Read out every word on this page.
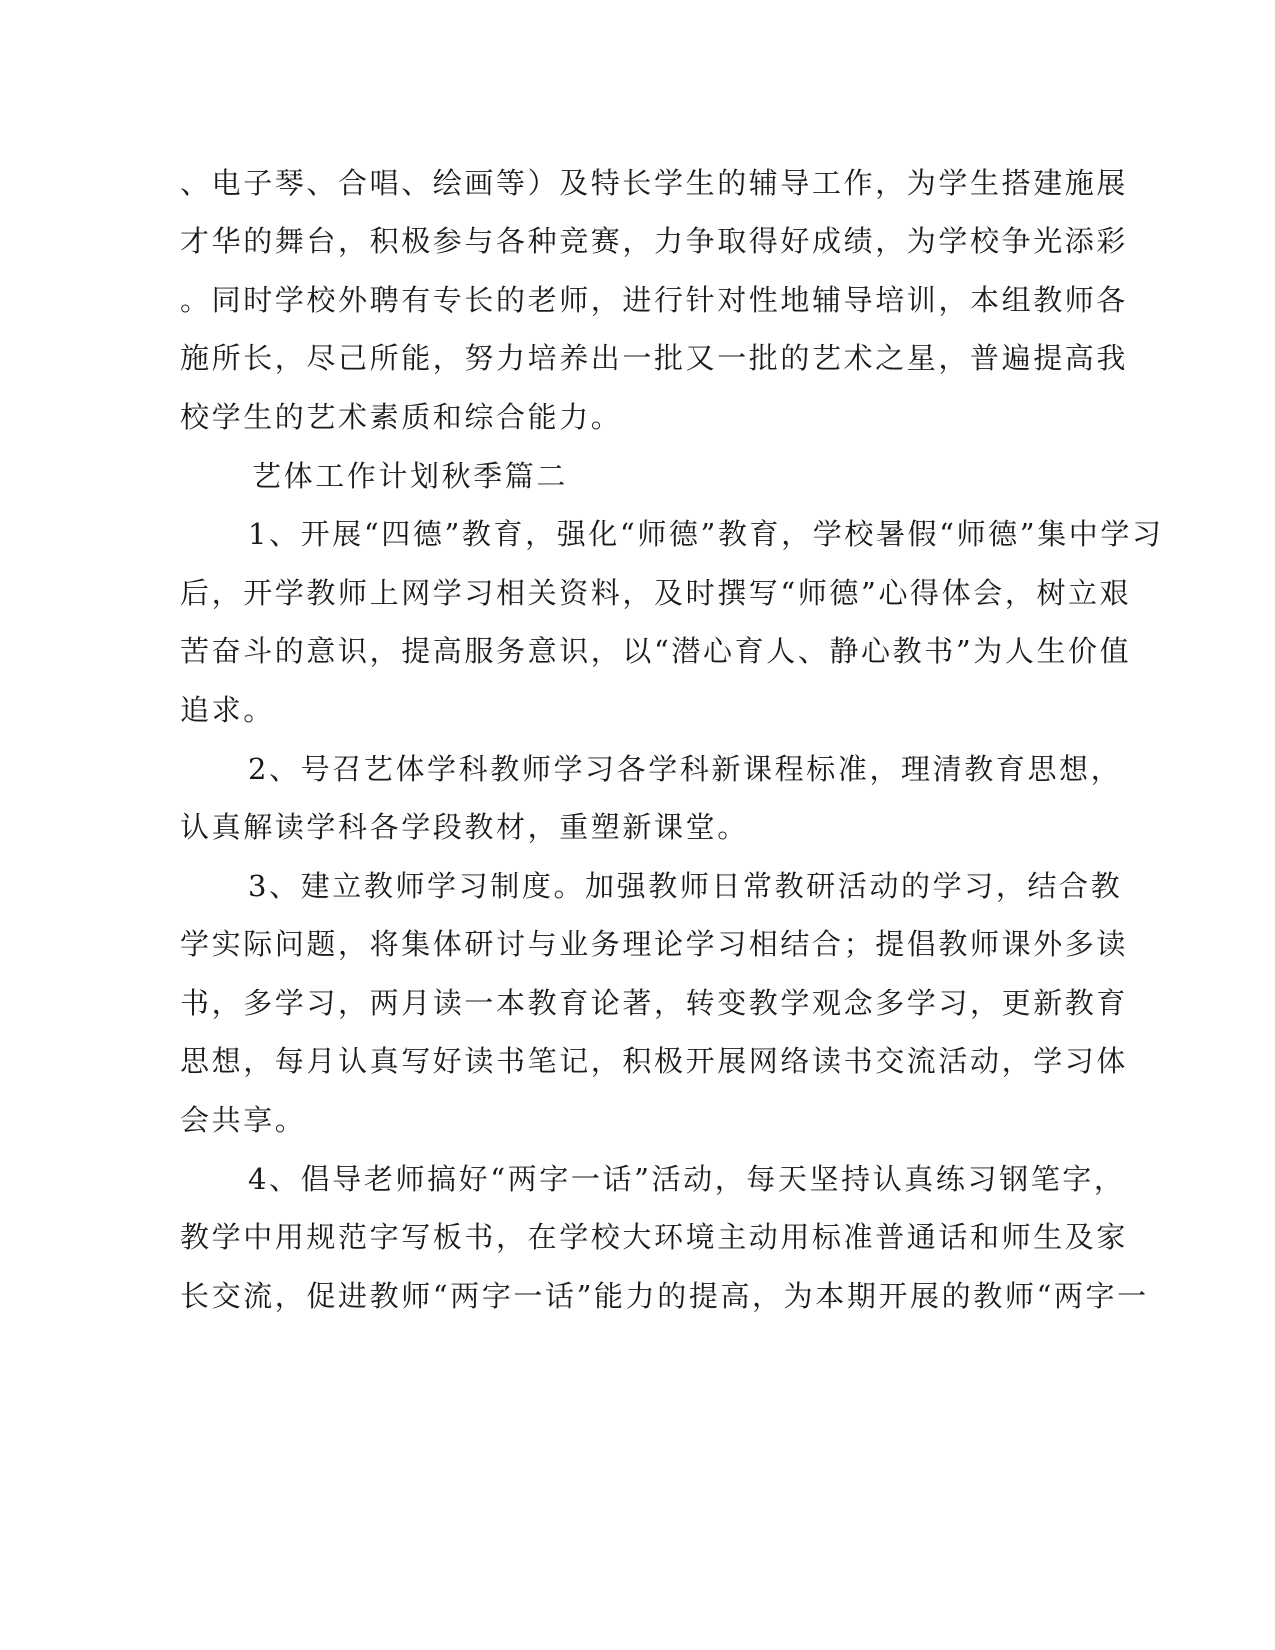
、电子琴、合唱、绘画等）及特长学生的辅导工作，为学生搭建施展

才华的舞台，积极参与各种竞赛，力争取得好成绩，为学校争光添彩

。同时学校外聘有专长的老师，进行针对性地辅导培训，本组教师各

施所长，尽己所能，努力培养出一批又一批的艺术之星，普遍提高我

校学生的艺术素质和综合能力。

艺体工作计划秋季篇二

1、开展“四德”教育，强化“师德”教育，学校暑假“师德”集中学习

后，开学教师上网学习相关资料，及时撰写“师德”心得体会，树立艰

苦奋斗的意识，提高服务意识，以“潜心育人、静心教书”为人生价值

追求。

2、号召艺体学科教师学习各学科新课程标准，理清教育思想，

认真解读学科各学段教材，重塑新课堂。

3、建立教师学习制度。加强教师日常教研活动的学习，结合教

学实际问题，将集体研讨与业务理论学习相结合；提倡教师课外多读

书，多学习，两月读一本教育论著，转变教学观念多学习，更新教育

思想，每月认真写好读书笔记，积极开展网络读书交流活动，学习体

会共享。

4、倡导老师搞好“两字一话”活动，每天坚持认真练习钢笔字，

教学中用规范字写板书，在学校大环境主动用标准普通话和师生及家

长交流，促进教师“两字一话”能力的提高，为本期开展的教师“两字一
